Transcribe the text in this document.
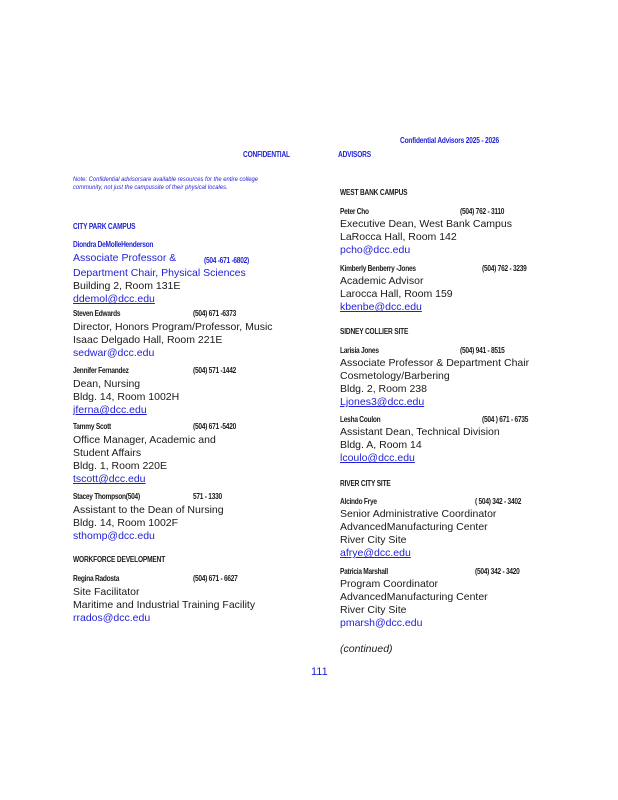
Confidential Advisors 2025 - 2026
CONFIDENTIAL	ADVISORS
Note: Confidential advisorsare available resources for the entire college community, not just the campussite of their physical locales.
CITY PARK CAMPUS
Diondra DeMolleHenderson
Associate Professor &	(504 -671 -6802)
Department Chair, Physical Sciences
Building 2, Room 131E
ddemol@dcc.edu
Steven Edwards	(504) 671 -6373
Director, Honors Program/Professor, Music
Isaac Delgado Hall, Room 221E
sedwar@dcc.edu
Jennifer Fernandez	(504) 571 -1442
Dean, Nursing
Bldg. 14, Room 1002H
jferna@dcc.edu
Tammy Scott	(504) 671 -5420
Office Manager, Academic and
Student Affairs
Bldg. 1, Room 220E
tscott@dcc.edu
Stacey Thompson(504)	571 - 1330
Assistant to the Dean of Nursing
Bldg. 14, Room 1002F
sthomp@dcc.edu
WORKFORCE DEVELOPMENT
Regina Radosta	(504) 671 - 6627
Site Facilitator
Maritime and Industrial Training Facility
rrados@dcc.edu
WEST BANK CAMPUS
Peter Cho	(504) 762 - 3110
Executive Dean, West Bank Campus
LaRocca Hall, Room 142
pcho@dcc.edu
Kimberly Benberry -Jones	(504) 762 - 3239
Academic Advisor
Larocca Hall, Room 159
kbenbe@dcc.edu
SIDNEY COLLIER SITE
Larisia Jones	(504) 941 - 8515
Associate Professor & Department Chair
Cosmetology/Barbering
Bldg. 2, Room 238
Ljones3@dcc.edu
Lesha Coulon	(504 ) 671 - 6735
Assistant Dean, Technical Division
Bldg. A, Room 14
lcoulo@dcc.edu
RIVER CITY SITE
Alcindo Frye	( 504) 342 - 3402
Senior Administrative Coordinator
AdvancedManufacturing Center
River City Site
afrye@dcc.edu
Patricia Marshall	(504) 342 - 3420
Program Coordinator
AdvancedManufacturing Center
River City Site
pmarsh@dcc.edu
(continued)
111
